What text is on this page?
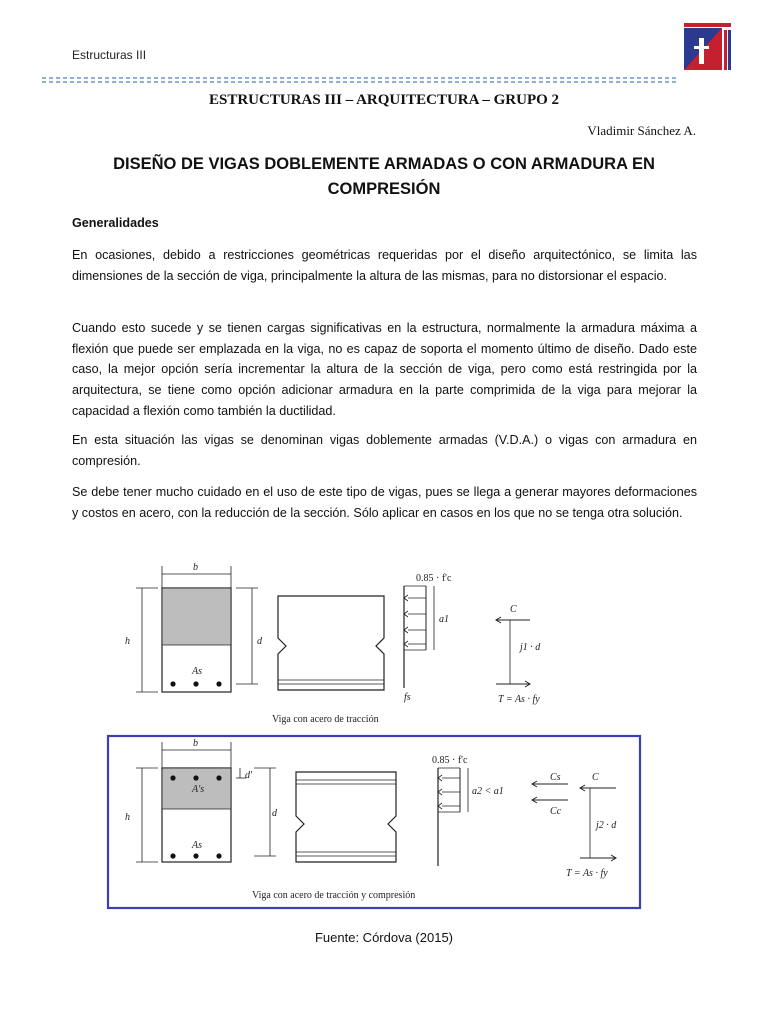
Estructuras III
ESTRUCTURAS III – ARQUITECTURA – GRUPO 2
Vladimir Sánchez A.
DISEÑO DE VIGAS DOBLEMENTE ARMADAS O CON ARMADURA EN COMPRESIÓN
Generalidades
En ocasiones, debido a restricciones geométricas requeridas por el diseño arquitectónico, se limita las dimensiones de la sección de viga, principalmente la altura de las mismas, para no distorsionar el espacio.
Cuando esto sucede y se tienen cargas significativas en la estructura, normalmente la armadura máxima a flexión que puede ser emplazada en la viga, no es capaz de soporta el momento último de diseño. Dado este caso, la mejor opción sería incrementar la altura de la sección de viga, pero como está restringida por la arquitectura, se tiene como opción adicionar armadura en la parte comprimida de la viga para mejorar la capacidad a flexión como también la ductilidad.
En esta situación las vigas se denominan vigas doblemente armadas (V.D.A.) o vigas con armadura en compresión.
Se debe tener mucho cuidado en el uso de este tipo de vigas, pues se llega a generar mayores deformaciones y costos en acero, con la reducción de la sección. Sólo aplicar en casos en los que no se tenga otra solución.
b
As
h	d
0.85 · f'c
a1
fs
C
j1 · d
T = As · fy
Viga con acero de tracción
b
A's
As
h
d'
d
0.85 · f'c
a2 < a1
Cs
Cc
C
j2 · d
T = As · fy
Viga con acero de tracción y compresión
Fuente: Córdova (2015)
